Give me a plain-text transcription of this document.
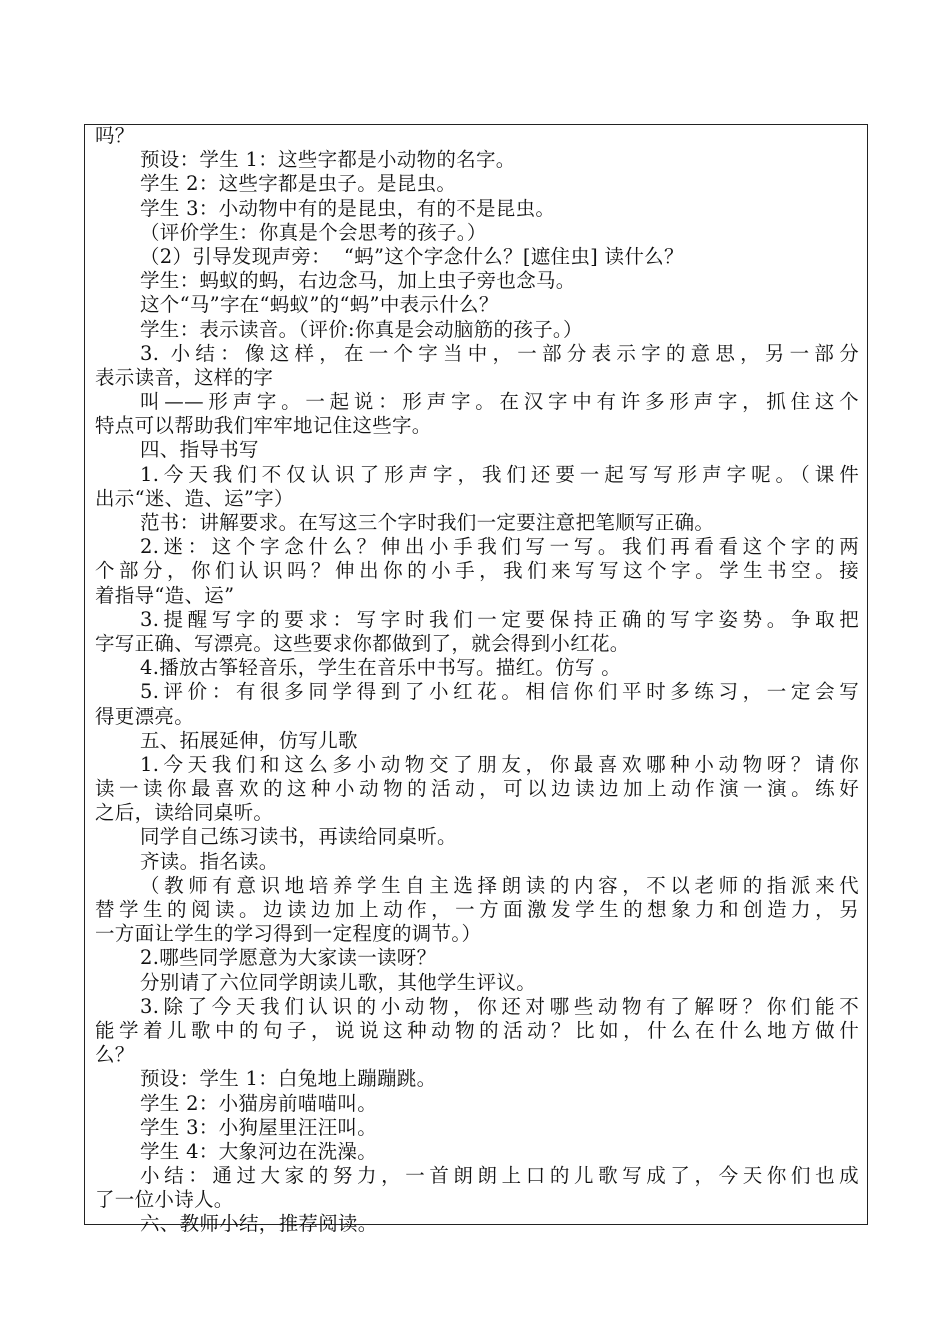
吗？
预设：学生 1：这些字都是小动物的名字。
学生 2：这些字都是虫子。是昆虫。
学生 3：小动物中有的是昆虫，有的不是昆虫。
（评价学生：你真是个会思考的孩子。）
（2）引导发现声旁：  “蚂”这个字念什么？[遮住虫] 读什么？
学生：蚂蚁的蚂，右边念马，加上虫子旁也念马。
这个“马”字在“蚂蚁”的“蚂”中表示什么？
学生：表示读音。（评价:你真是会动脑筋的孩子。）
3. 小结：像这样，在一个字当中，一部分表示字的意思，另一部分
表示读音，这样的字
叫——形声字。一起说：形声字。在汉字中有许多形声字，抓住这个
特点可以帮助我们牢牢地记住这些字。
四、指导书写
1.今天我们不仅认识了形声字，我们还要一起写写形声字呢。（课件
出示“迷、造、运”字）
范书：讲解要求。在写这三个字时我们一定要注意把笔顺写正确。
2.迷：这个字念什么？伸出小手我们写一写。我们再看看这个字的两
个部分，你们认识吗？伸出你的小手，我们来写写这个字。学生书空。接
着指导“造、运”
3.提醒写字的要求：写字时我们一定要保持正确的写字姿势。争取把
字写正确、写漂亮。这些要求你都做到了，就会得到小红花。
4.播放古筝轻音乐，学生在音乐中书写。描红。仿写 。
5.评价：有很多同学得到了小红花。相信你们平时多练习，一定会写
得更漂亮。
五、拓展延伸，仿写儿歌
1.今天我们和这么多小动物交了朋友，你最喜欢哪种小动物呀？请你
读一读你最喜欢的这种小动物的活动，可以边读边加上动作演一演。练好
之后，读给同桌听。
同学自己练习读书，再读给同桌听。
齐读。指名读。
（教师有意识地培养学生自主选择朗读的内容，不以老师的指派来代
替学生的阅读。边读边加上动作，一方面激发学生的想象力和创造力，另
一方面让学生的学习得到一定程度的调节。）
2.哪些同学愿意为大家读一读呀？
分别请了六位同学朗读儿歌，其他学生评议。
3.除了今天我们认识的小动物，你还对哪些动物有了解呀？你们能不
能学着儿歌中的句子，说说这种动物的活动？比如，什么在什么地方做什
么？
预设：学生 1：白兔地上蹦蹦跳。
学生 2：小猫房前喵喵叫。
学生 3：小狗屋里汪汪叫。
学生 4：大象河边在洗澡。
小结：通过大家的努力，一首朗朗上口的儿歌写成了，今天你们也成
了一位小诗人。
六、教师小结，推荐阅读。
